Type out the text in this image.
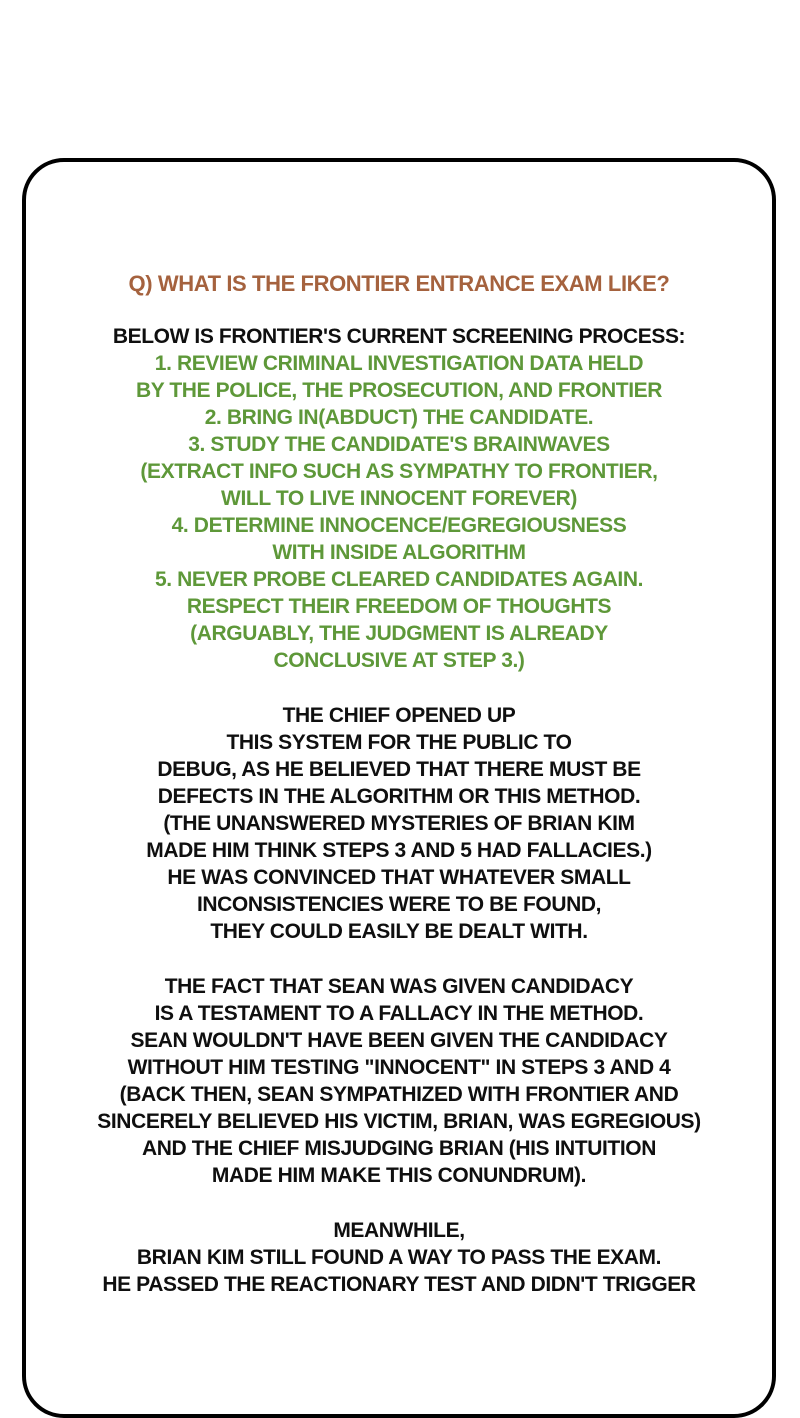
Q) WHAT IS THE FRONTIER ENTRANCE EXAM LIKE?
BELOW IS FRONTIER'S CURRENT SCREENING PROCESS:
1. REVIEW CRIMINAL INVESTIGATION DATA HELD
BY THE POLICE, THE PROSECUTION, AND FRONTIER
2. BRING IN(ABDUCT) THE CANDIDATE.
3. STUDY THE CANDIDATE'S BRAINWAVES
(EXTRACT INFO SUCH AS SYMPATHY TO FRONTIER,
WILL TO LIVE INNOCENT FOREVER)
4. DETERMINE INNOCENCE/EGREGIOUSNESS
WITH INSIDE ALGORITHM
5. NEVER PROBE CLEARED CANDIDATES AGAIN.
RESPECT THEIR FREEDOM OF THOUGHTS
(ARGUABLY, THE JUDGMENT IS ALREADY
CONCLUSIVE AT STEP 3.)
THE CHIEF OPENED UP
THIS SYSTEM FOR THE PUBLIC TO
DEBUG, AS HE BELIEVED THAT THERE MUST BE
DEFECTS IN THE ALGORITHM OR THIS METHOD.
(THE UNANSWERED MYSTERIES OF BRIAN KIM
MADE HIM THINK STEPS 3 AND 5 HAD FALLACIES.)
HE WAS CONVINCED THAT WHATEVER SMALL
INCONSISTENCIES WERE TO BE FOUND,
THEY COULD EASILY BE DEALT WITH.
THE FACT THAT SEAN WAS GIVEN CANDIDACY
IS A TESTAMENT TO A FALLACY IN THE METHOD.
SEAN WOULDN'T HAVE BEEN GIVEN THE CANDIDACY
WITHOUT HIM TESTING "INNOCENT" IN STEPS 3 AND 4
(BACK THEN, SEAN SYMPATHIZED WITH FRONTIER AND
SINCERELY BELIEVED HIS VICTIM, BRIAN, WAS EGREGIOUS)
AND THE CHIEF MISJUDGING BRIAN (HIS INTUITION
MADE HIM MAKE THIS CONUNDRUM).
MEANWHILE,
BRIAN KIM STILL FOUND A WAY TO PASS THE EXAM.
HE PASSED THE REACTIONARY TEST AND DIDN'T TRIGGER
